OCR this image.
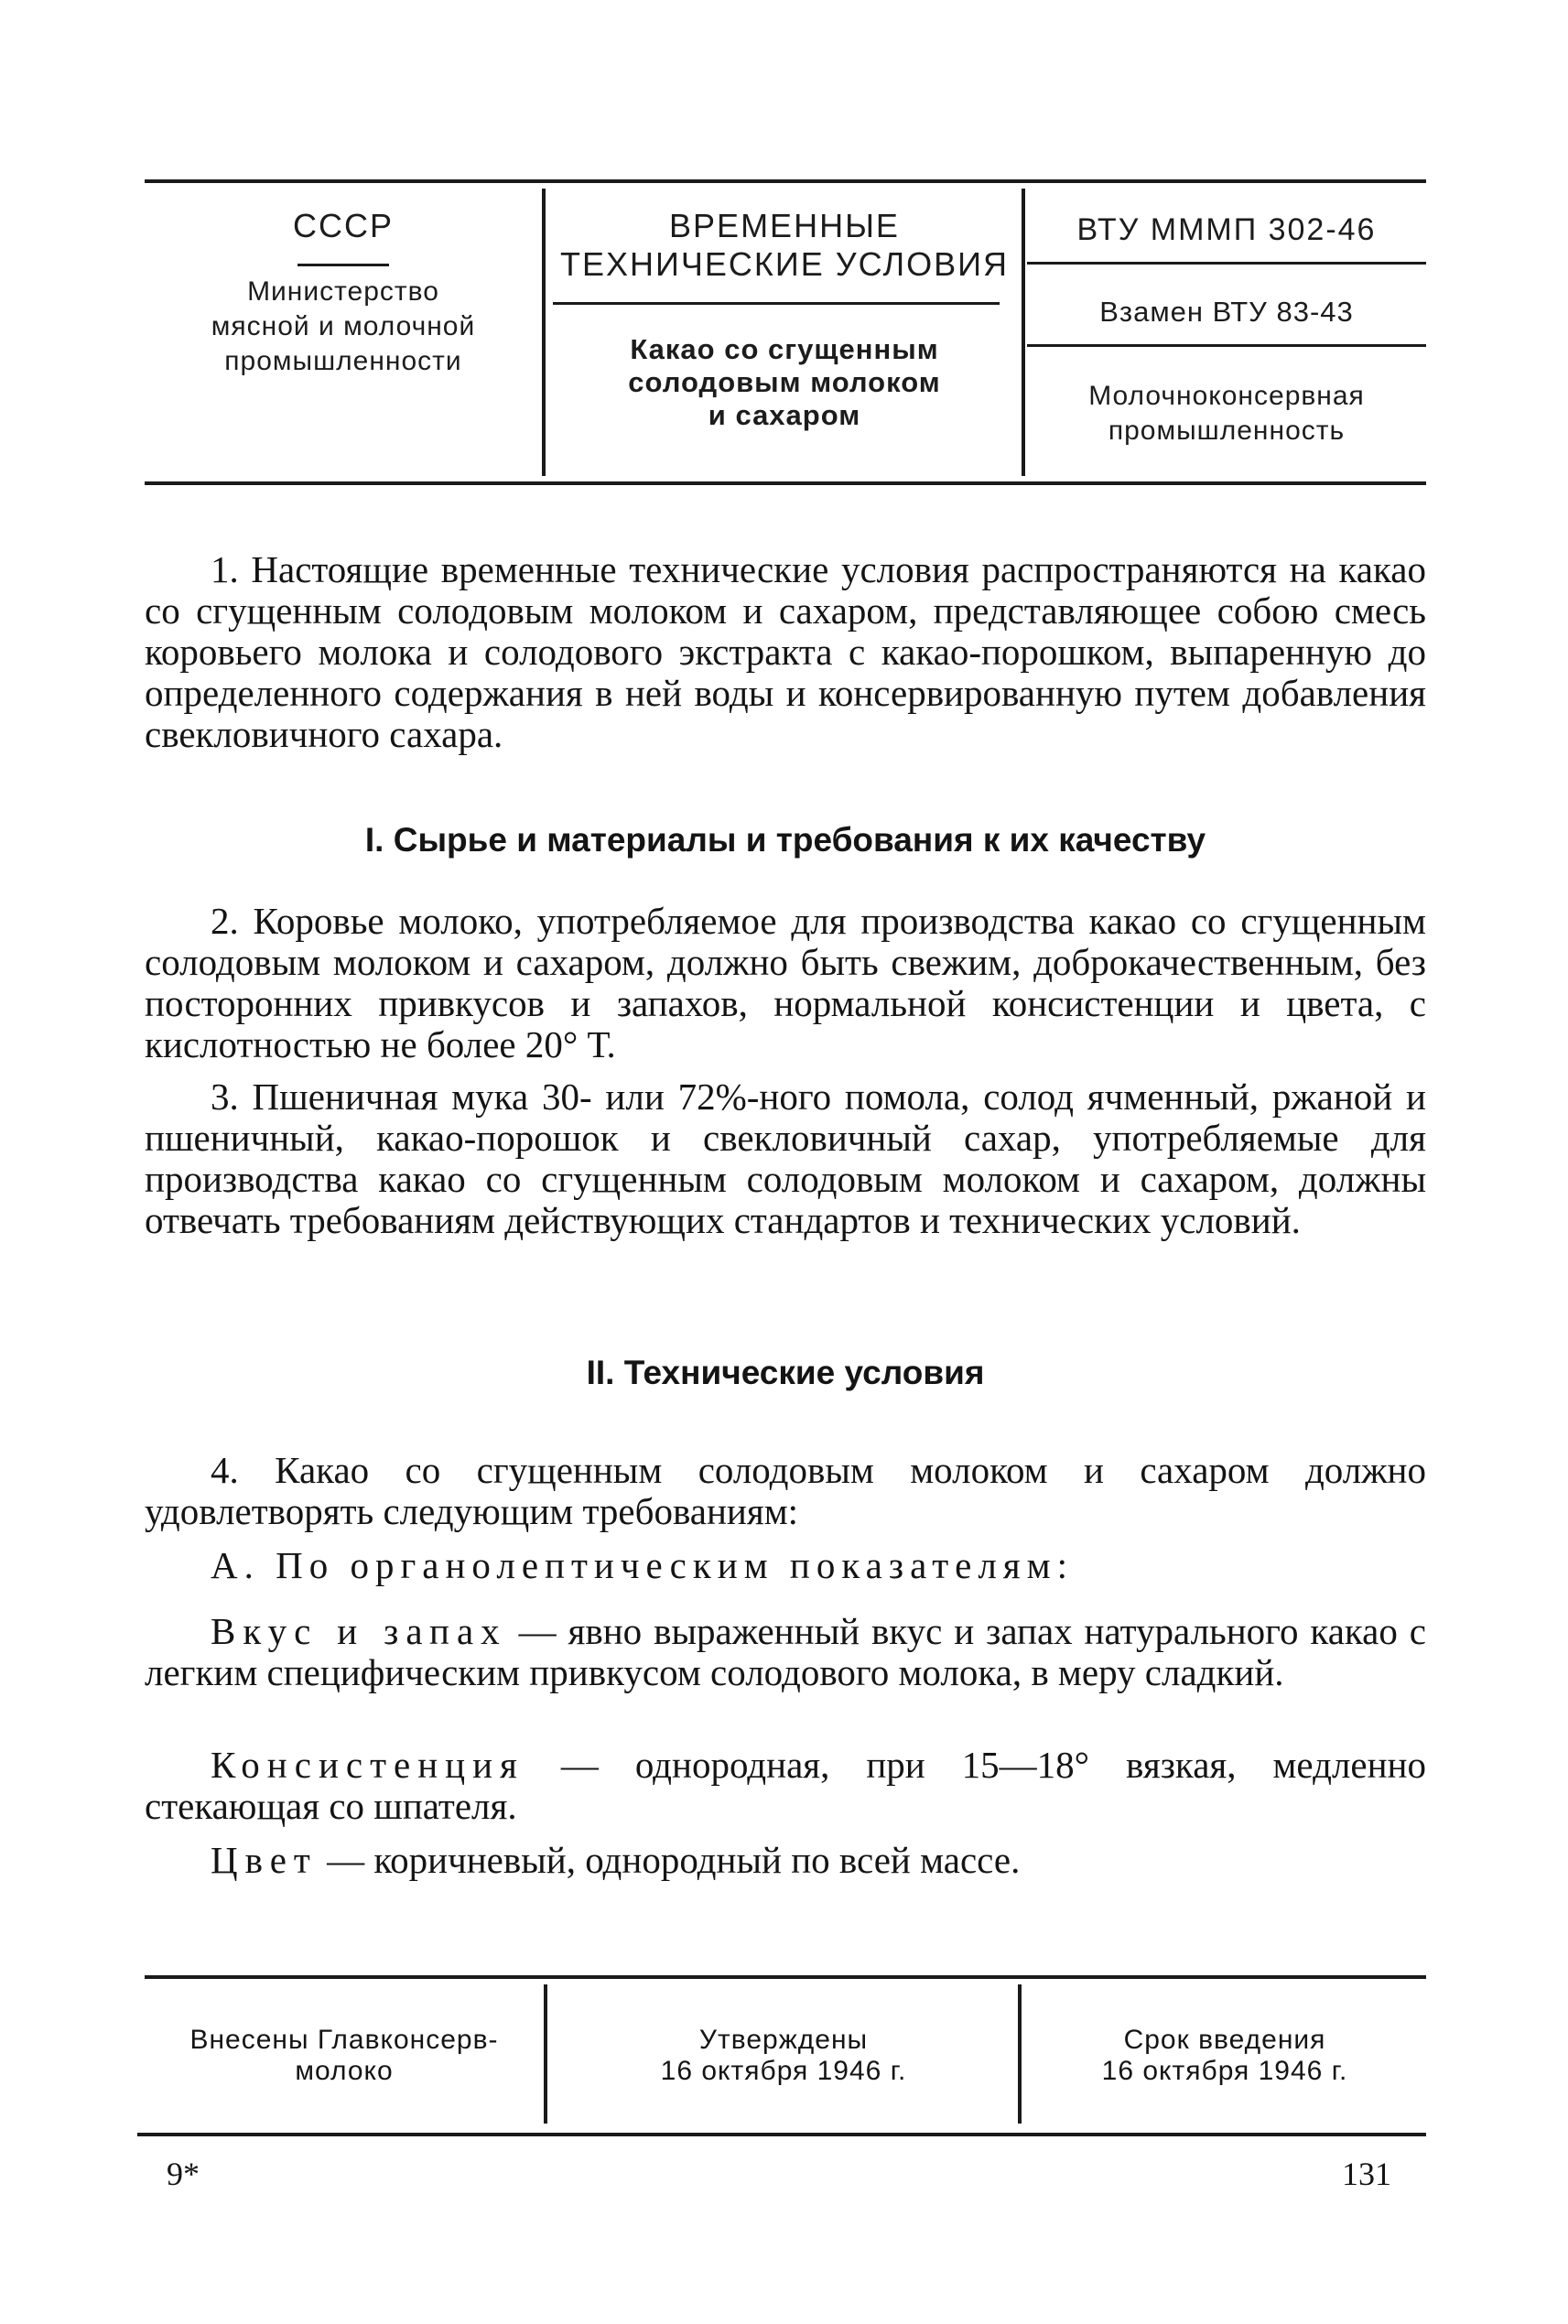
СССР
Министерство
мясной и молочной
промышленности
ВРЕМЕННЫЕ
ТЕХНИЧЕСКИЕ УСЛОВИЯ
Какао со сгущенным
солодовым молоком
и сахаром
ВТУ МММП 302-46
Взамен ВТУ 83-43
Молочноконсервная
промышленность

1. Настоящие временные технические условия распространяются на какао со сгущенным солодовым молоком и сахаром, представляющее собою смесь коровьего молока и солодового экстракта с какао-порошком, выпаренную до определенного содержания в ней воды и консервированную путем добавления свекловичного сахара.

I. Сырье и материалы и требования к их качеству

2. Коровье молоко, употребляемое для производства какао со сгущенным солодовым молоком и сахаром, должно быть свежим, доброкачественным, без посторонних привкусов и запахов, нормальной консистенции и цвета, с кислотностью не более 20° Т.

3. Пшеничная мука 30- или 72%-ного помола, солод ячменный, ржаной и пшеничный, какао-порошок и свекловичный сахар, употребляемые для производства какао со сгущенным солодовым молоком и сахаром, должны отвечать требованиям действующих стандартов и технических условий.

II. Технические условия

4. Какао со сгущенным солодовым молоком и сахаром должно удовлетворять следующим требованиям:

А. По органолептическим показателям:

Вкус и запах — явно выраженный вкус и запах натурального какао с легким специфическим привкусом солодового молока, в меру сладкий.

Консистенция — однородная, при 15—18° вязкая, медленно стекающая со шпателя.

Цвет — коричневый, однородный по всей массе.

Внесены Главконсерв-
молоко
Утверждены
16 октября 1946 г.
Срок введения
16 октября 1946 г.
9*	131
